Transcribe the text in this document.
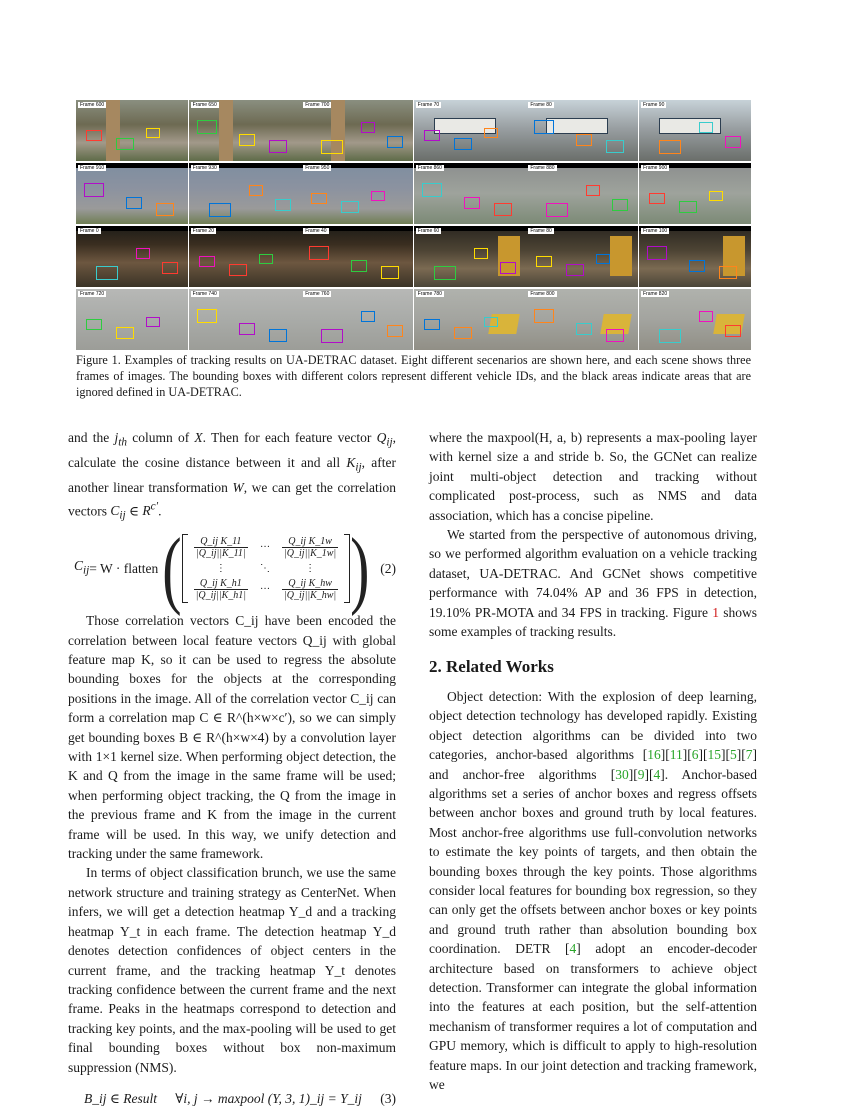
Frame 600	Frame 650	Frame 700	Frame 70	Frame 80	Frame 90
Frame 910	Frame 930	Frame 950	Frame 860	Frame 880	Frame 900
Frame 0	Frame 20	Frame 40	Frame 60	Frame 80	Frame 100
Frame 720	Frame 740	Frame 760	Frame 780	Frame 800	Frame 820
Figure 1. Examples of tracking results on UA-DETRAC dataset. Eight different secenarios are shown here, and each scene shows three frames of images. The bounding boxes with different colors represent different vehicle IDs, and the black areas indicate areas that are ignored defined in UA-DETRAC.

and the $j_{th}$ column of X. Then for each feature vector $Q_{ij}$, calculate the cosine distance between it and all $K_{ij}$, after another linear transformation W, we can get the correlation vectors $C_{ij}$ ∈ $R^{c'}$.

$C_{ij} = W$ · flatten ( $\frac{\text{Q\_ij K\_11}}{|Q\_ij||K\_11|}$	···	$\frac{\text{Q\_ij K\_1w}}{|Q\_ij||K\_1w|}$

⋮	⋱	⋮

$\frac{\text{Q\_ij K\_h1}}{|Q\_ij||K\_h1|}$	···	$\frac{\text{Q\_ij K\_hw}}{|Q\_ij||K\_hw|}$ ) (2)

Those correlation vectors C_ij have been encoded the correlation between local feature vectors Q_ij with global feature map K, so it can be used to regress the absolute bounding boxes for the objects at the corresponding positions in the image. All of the correlation vector C_ij can form a correlation map C ∈ R^(h×w×c′), so we can simply get bounding boxes B ∈ R^(h×w×4) by a convolution layer with 1×1 kernel size. When performing object detection, the K and Q from the image in the same frame will be used; when performing object tracking, the Q from the image in the previous frame and K from the image in the current frame will be used. In this way, we unify detection and tracking under the same framework.

In terms of object classification brunch, we use the same network structure and training strategy as CenterNet. When infers, we will get a detection heatmap Y_d and a tracking heatmap Y_t in each frame. The detection heatmap Y_d denotes detection confidences of object centers in the current frame, and the tracking heatmap Y_t denotes tracking confidence between the current frame and the next frame. Peaks in the heatmaps correspond to detection and tracking key points, and the max-pooling will be used to get final bounding boxes without box non-maximum suppression (NMS).

B_ij ∈ Result ∀i, j → maxpool (Y, 3, 1)_ij = Y_ij (3)

where the maxpool(H, a, b) represents a max-pooling layer with kernel size a and stride b. So, the GCNet can realize joint multi-object detection and tracking without complicated post-process, such as NMS and data association, which has a concise pipeline.

We started from the perspective of autonomous driving, so we performed algorithm evaluation on a vehicle tracking dataset, UA-DETRAC. And GCNet shows competitive performance with 74.04% AP and 36 FPS in detection, 19.10% PR-MOTA and 34 FPS in tracking. Figure 1 shows some examples of tracking results.

2. Related Works

Object detection: With the explosion of deep learning, object detection technology has developed rapidly. Existing object detection algorithms can be divided into two categories, anchor-based algorithms [16][11][6][15][5][7] and anchor-free algorithms [30][9][4]. Anchor-based algorithms set a series of anchor boxes and regress offsets between anchor boxes and ground truth by local features. Most anchor-free algorithms use full-convolution networks to estimate the key points of targets, and then obtain the bounding boxes through the key points. Those algorithms consider local features for bounding box regression, so they can only get the offsets between anchor boxes or key points and ground truth rather than absolution bounding box coordination. DETR [4] adopt an encoder-decoder architecture based on transformers to achieve object detection. Transformer can integrate the global information into the features at each position, but the self-attention mechanism of transformer requires a lot of computation and GPU memory, which is difficult to apply to high-resolution feature maps. In our joint detection and tracking framework, we
